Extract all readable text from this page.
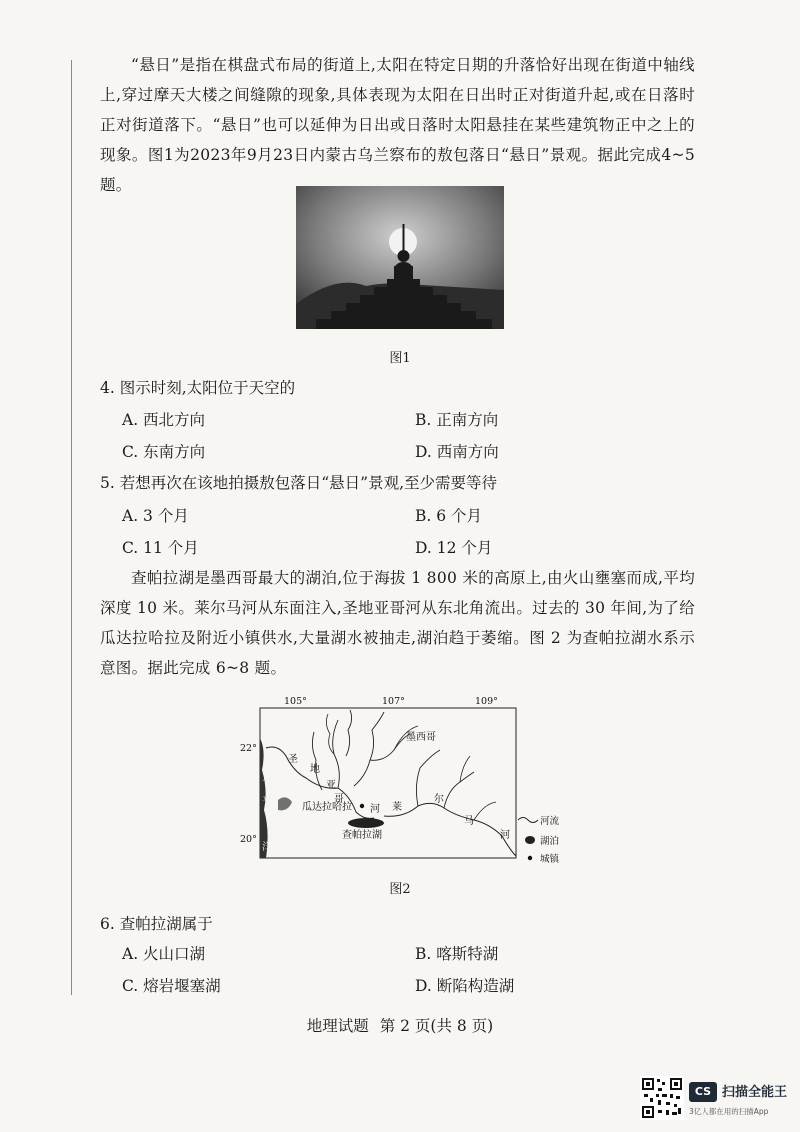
“悬日”是指在棋盘式布局的街道上,太阳在特定日期的升落恰好出现在街道中轴线上,穿过摩天大楼之间缝隙的现象,具体表现为太阳在日出时正对街道升起,或在日落时正对街道落下。“悬日”也可以延伸为日出或日落时太阳悬挂在某些建筑物正中之上的现象。图1为2023年9月23日内蒙古乌兰察布的敖包落日“悬日”景观。据此完成4~5题。

图1
4. 图示时刻,太阳位于天空的
A. 西北方向	B. 正南方向
C. 东南方向	D. 西南方向
5. 若想再次在该地拍摄敖包落日“悬日”景观,至少需要等待
A. 3 个月	B. 6 个月
C. 11 个月	D. 12 个月

查帕拉湖是墨西哥最大的湖泊,位于海拔 1 800 米的高原上,由火山壅塞而成,平均深度 10 米。莱尔马河从东面注入,圣地亚哥河从东北角流出。过去的 30 年间,为了给瓜达拉哈拉及附近小镇供水,大量湖水被抽走,湖泊趋于萎缩。图 2 为查帕拉湖水系示意图。据此完成 6~8 题。

105°	107°	109°
22°
20°
太
平
洋
墨西哥
圣
地
亚
哥
河 莱
尔
马
河
瓜达拉哈拉
查帕拉湖
河流
湖泊
城镇
图2
6. 查帕拉湖属于
A. 火山口湖	B. 喀斯特湖
C. 熔岩堰塞湖	D. 断陷构造湖
地理试题 第 2 页(共 8 页)
CS 扫描全能王
3亿人都在用的扫描App
